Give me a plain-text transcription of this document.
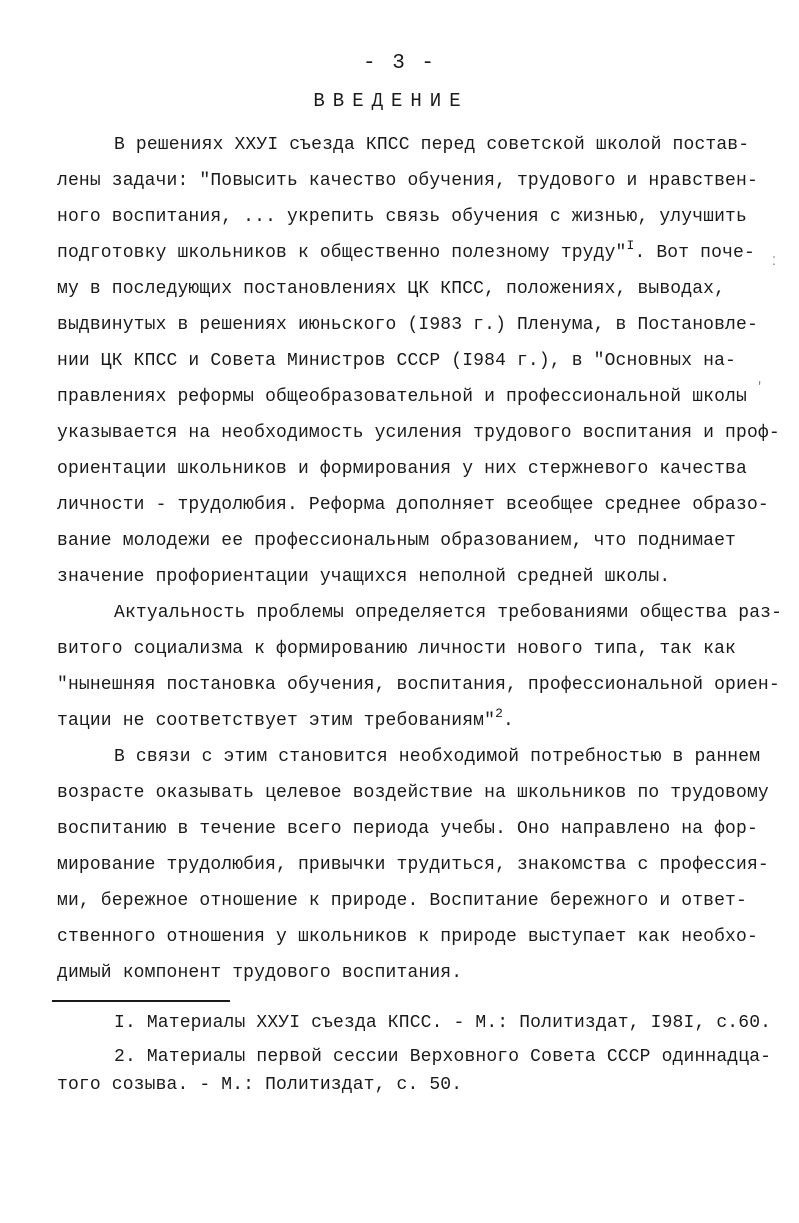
- 3 -
ВВЕДЕНИЕ
В решениях ХХУI съезда КПСС перед советской школой постав-
лены задачи: "Повысить качество обучения, трудового и нравствен-
ного воспитания, ... укрепить связь обучения с жизнью, улучшить
подготовку школьников к общественно полезному труду"$^I$. Вот поче-
му в последующих постановлениях ЦК КПСС, положениях, выводах,
выдвинутых в решениях июньского (I983 г.) Пленума, в Постановле-
нии ЦК КПСС и Совета Министров СССР (I984 г.), в "Основных на-
правлениях реформы общеобразовательной и профессиональной школы
указывается на необходимость усиления трудового воспитания и проф-
ориентации школьников и формирования у них стержневого качества
личности - трудолюбия. Реформа дополняет всеобщее среднее образо-
вание молодежи ее профессиональным образованием, что поднимает
значение профориентации учащихся неполной средней школы.
Актуальность проблемы определяется требованиями общества раз-
витого социализма к формированию личности нового типа, так как
"нынешняя постановка обучения, воспитания, профессиональной ориен-
тации не соответствует этим требованиям"$^2$.
В связи с этим становится необходимой потребностью в раннем
возрасте оказывать целевое воздействие на школьников по трудовому
воспитанию в течение всего периода учебы. Оно направлено на фор-
мирование трудолюбия, привычки трудиться, знакомства с профессия-
ми, бережное отношение к природе. Воспитание бережного и ответ-
ственного отношения у школьников к природе выступает как необхо-
димый компонент трудового воспитания.
I. Материалы ХХУI съезда КПСС. - М.: Политиздат, I98I, с.60.
2. Материалы первой сессии Верховного Совета СССР одиннадца-
того созыва. - М.: Политиздат, с. 50.
⁚
ʹ
